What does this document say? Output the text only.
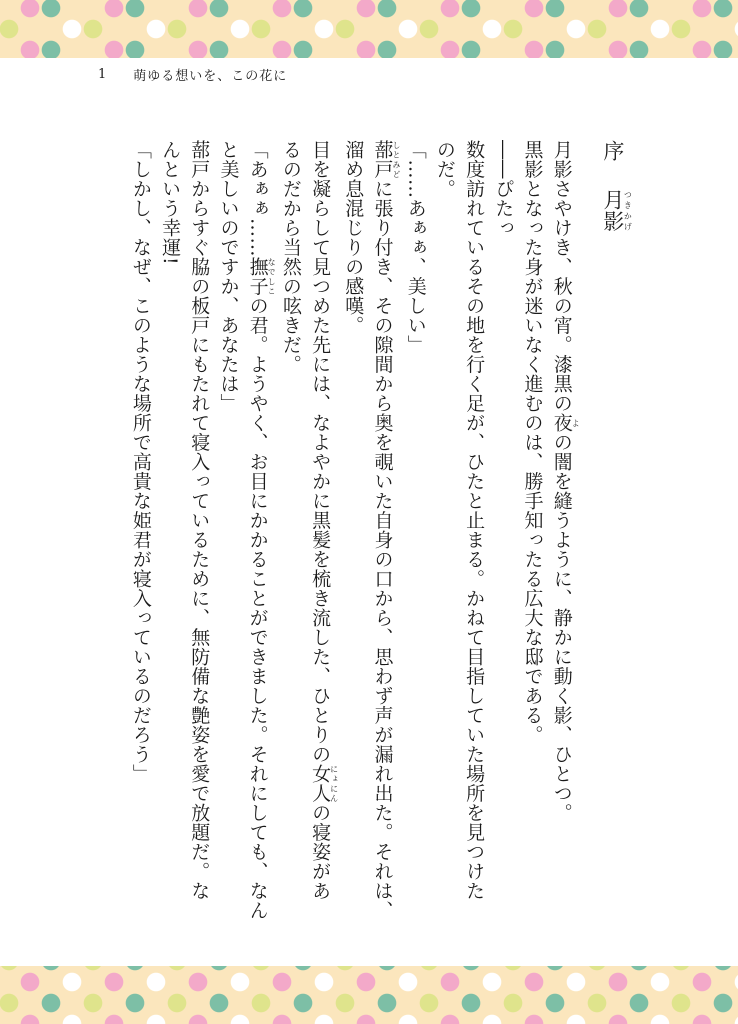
1 萌ゆる想いを、この花に
序 月影つきかげ
月影さやけき、秋の宵。漆黒の夜よの闇を縫うように、静かに動く影、ひとつ。
黒影となった身が迷いなく進むのは、勝手知ったる広大な邸である。
――ぴたっ
数度訪れているその地を行く足が、ひたと止まる。かねて目指していた場所を見つけた
のだ。
「……あぁぁ、美しい」
蔀戸しとみどに張り付き、その隙間から奥を覗いた自身の口から、思わず声が漏れ出た。それは、
溜め息混じりの感嘆。
目を凝らして見つめた先には、なよやかに黒髪を梳き流した、ひとりの女人にょにんの寝姿があ
るのだから当然の呟きだ。
「あぁぁ……撫子なでしこの君。ようやく、お目にかかることができました。それにしても、なん
と美しいのですか、あなたは」
蔀戸からすぐ脇の板戸にもたれて寝入っているために、無防備な艶姿を愛で放題だ。な
んという幸運!
「しかし、なぜ、このような場所で高貴な姫君が寝入っているのだろう」
